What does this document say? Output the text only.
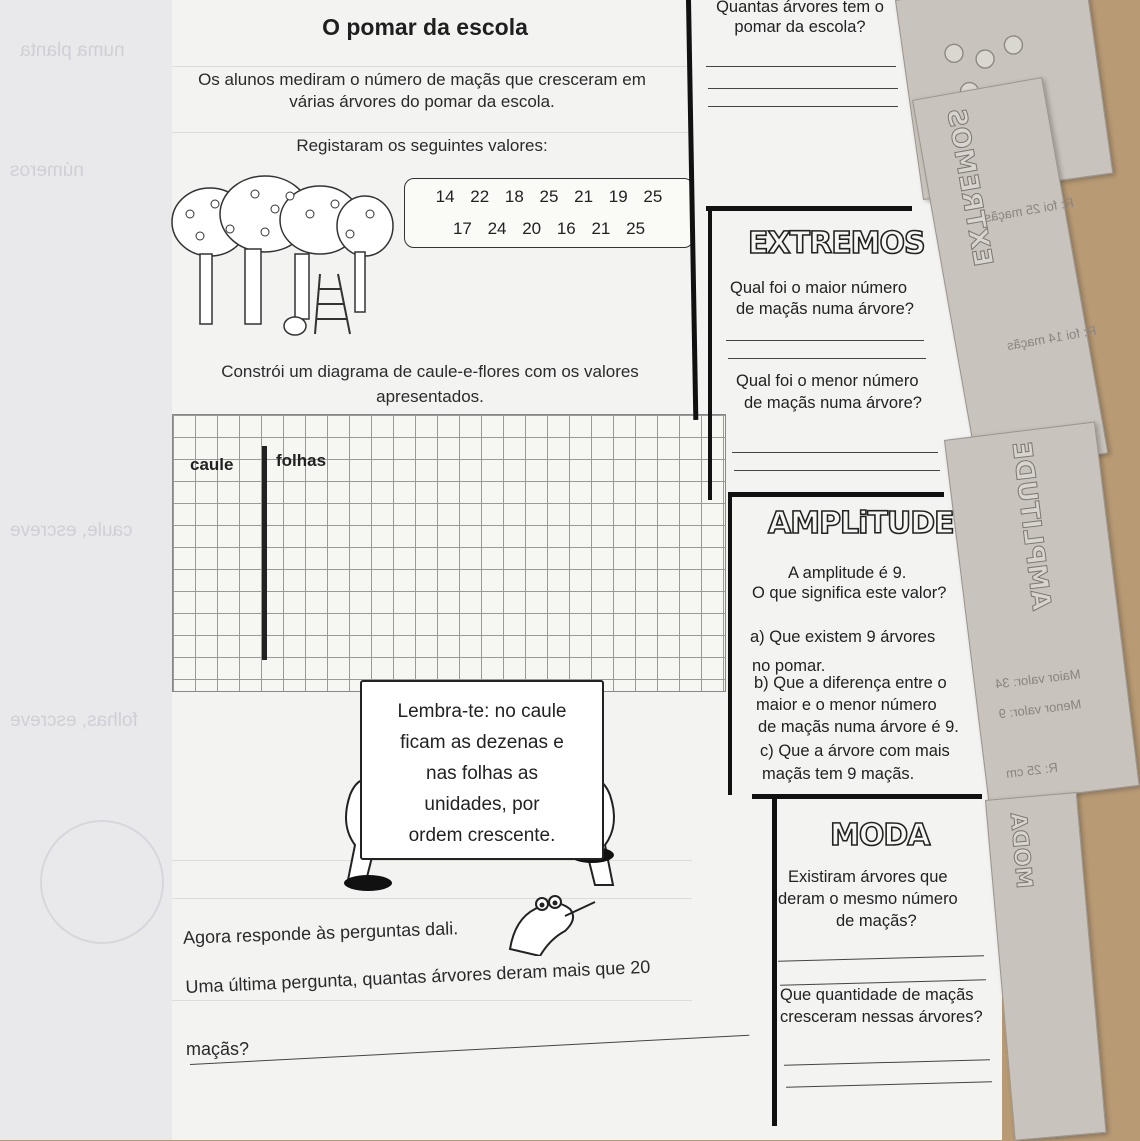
numa planta
números
caule, escreve
folhas, escreve
O pomar da escola
Os alunos mediram o número de maçãs que cresceram em
várias árvores do pomar da escola.
Registaram os seguintes valores:
14 22 18 25 21 19 25
17 24 20 16 21 25
Constrói um diagrama de caule-e-flores com os valores
apresentados.
caule	folhas
Lembra-te: no caule
ficam as dezenas e
nas folhas as
unidades, por
ordem crescente.
Agora responde às perguntas dali.
Uma última pergunta, quantas árvores deram mais que 20
maçãs?
Quantas árvores tem o
pomar da escola?
EXTREMOS
Qual foi o maior número
de maçãs numa árvore?
Qual foi o menor número
de maçãs numa árvore?
AMPLiTUDE
A amplitude é 9.
O que significa este valor?
a) Que existem 9 árvores
no pomar.
b) Que a diferença entre o
maior e o menor número
de maçãs numa árvore é 9.
c) Que a árvore com mais
maçãs tem 9 maçãs.
MODA
Existiram árvores que
deram o mesmo número
de maçãs?
Que quantidade de maçãs
cresceram nessas árvores?
EXTREMOS
R: foi 25 maçãs
R: foi 14 maçãs
AMPLITUDE
Maior valor: 34
Menor valor: 9
R: 25 cm
MODA
